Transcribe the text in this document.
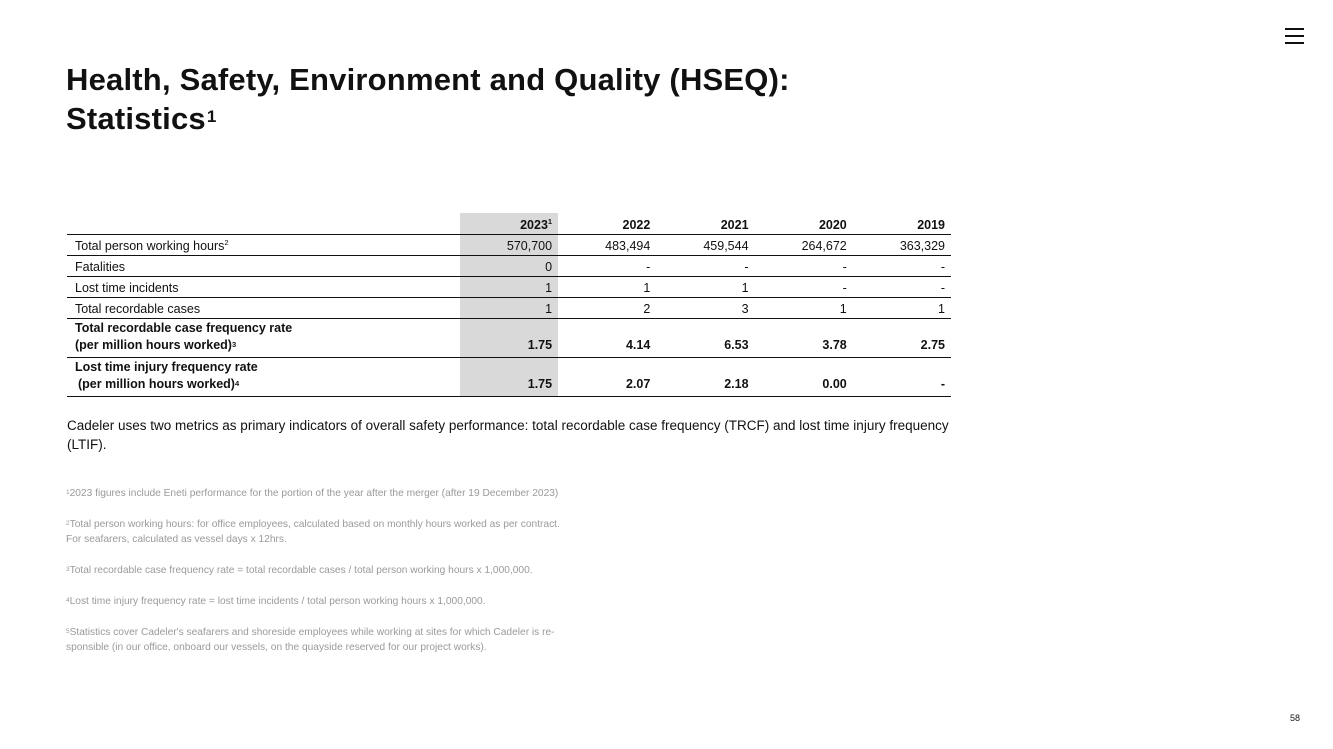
Health, Safety, Environment and Quality (HSEQ):
Statistics$^1$
	2023$^1$	2022	2021	2020	2019
Total person working hours$^2$	570,700	483,494	459,544	264,672	363,329
Fatalities	0	-	-	-	-
Lost time incidents	1	1	1	-	-
Total recordable cases	1	2	3	1	1
Total recordable case frequency rate
(per million hours worked)$^3$	1.75	4.14	6.53	3.78	2.75
Lost time injury frequency rate
(per million hours worked)$^4$	1.75	2.07	2.18	0.00	-

Cadeler uses two metrics as primary indicators of overall safety performance: total recordable case frequency (TRCF) and lost time injury frequency (LTIF).

$^1$2023 figures include Eneti performance for the portion of the year after the merger (after 19 December 2023)

$^2$Total person working hours: for office employees, calculated based on monthly hours worked as per contract.
For seafarers, calculated as vessel days x 12hrs.

$^3$Total recordable case frequency rate = total recordable cases / total person working hours x 1,000,000.

$^4$Lost time injury frequency rate = lost time incidents / total person working hours x 1,000,000.

$^5$Statistics cover Cadeler's seafarers and shoreside employees while working at sites for which Cadeler is re-
sponsible (in our office, onboard our vessels, on the quayside reserved for our project works).

58
